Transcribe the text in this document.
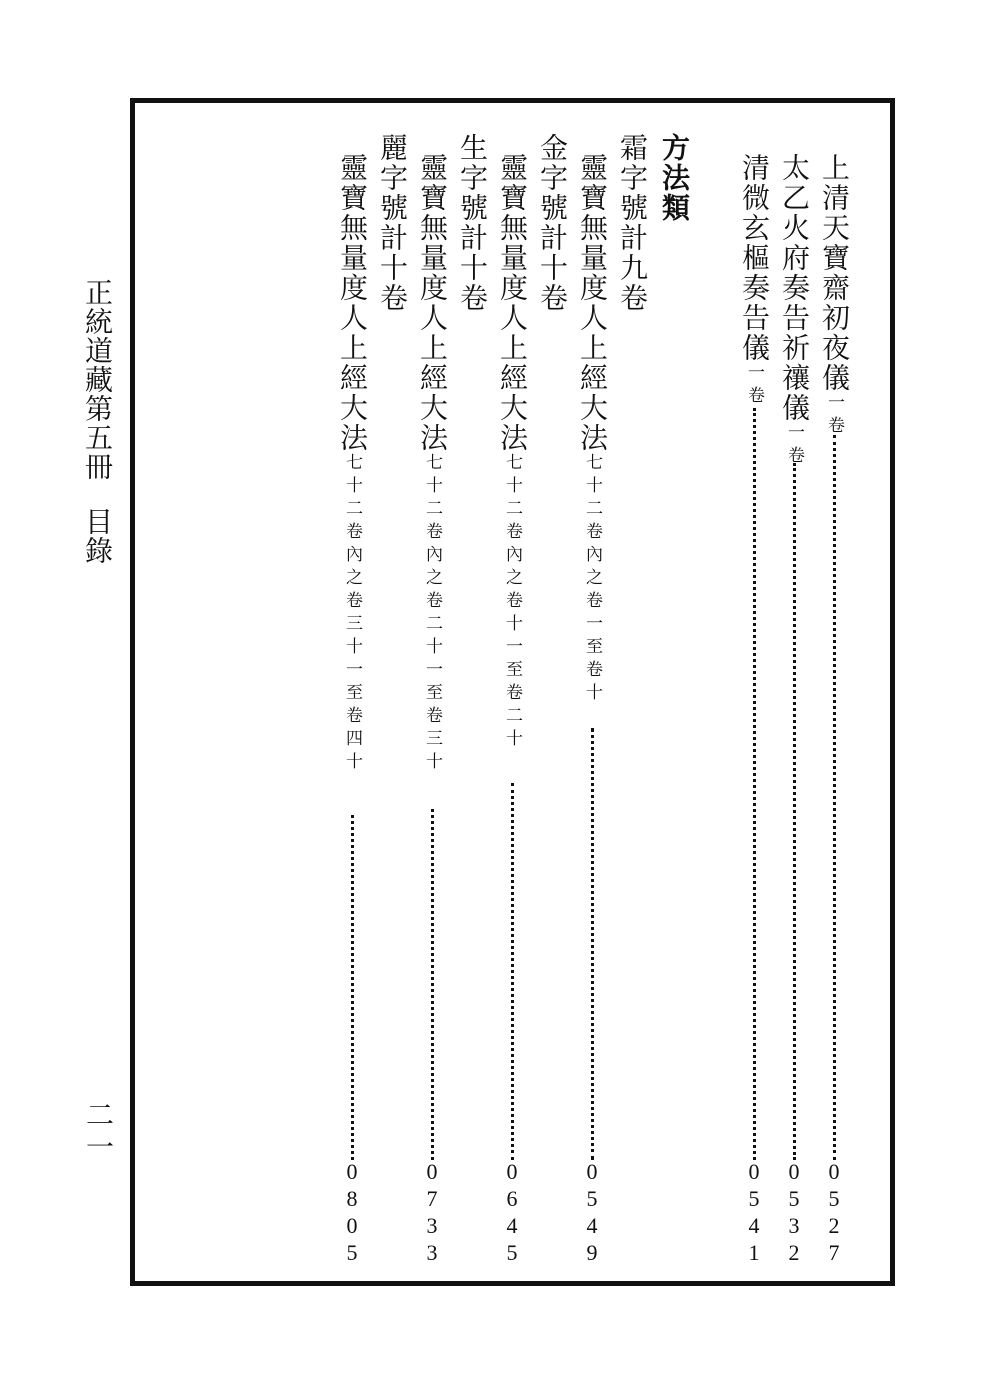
正統道藏第五冊目錄
二一
上清天寶齋初夜儀一卷
0
5
2
7
太乙火府奏告祈禳儀一卷
0
5
3
2
清微玄樞奏告儀一卷
0
5
4
1
方法類
霜字號計九卷
靈寶無量度人上經大法七十二卷內之卷一至卷十
0
5
4
9
金字號計十卷
靈寶無量度人上經大法七十二卷內之卷十一至卷二十
0
6
4
5
生字號計十卷
靈寶無量度人上經大法七十二卷內之卷二十一至卷三十
0
7
3
3
麗字號計十卷
靈寶無量度人上經大法七十二卷內之卷三十一至卷四十
0
8
0
5
